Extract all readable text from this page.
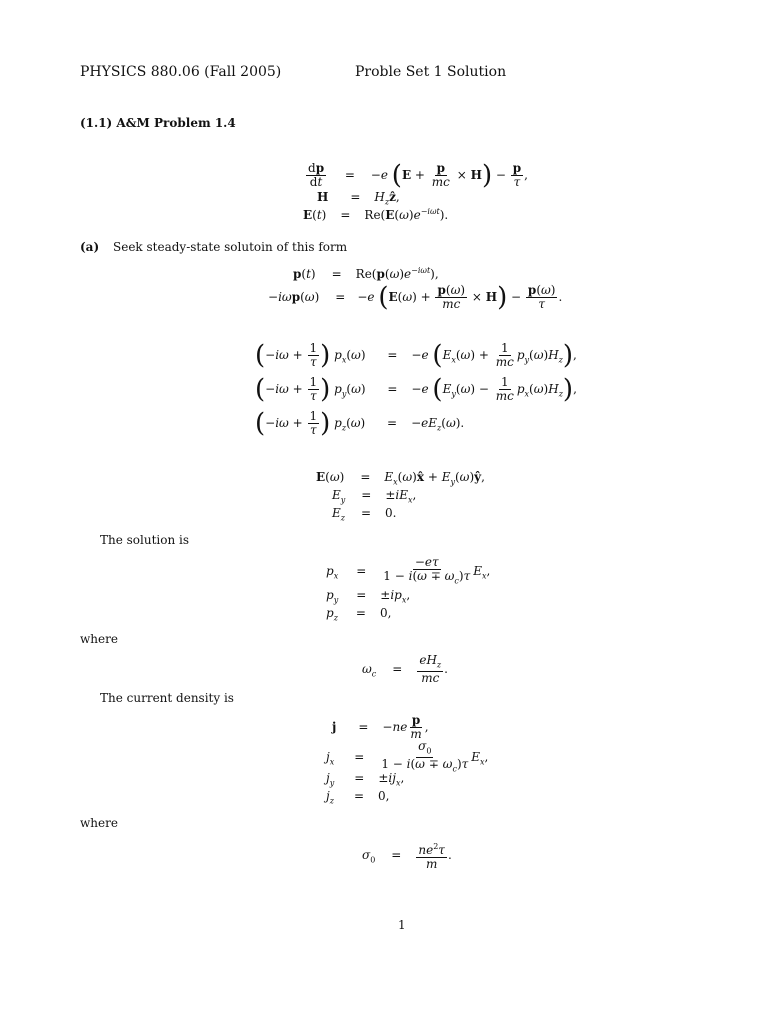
PHYSICS 880.06 (Fall 2005)	Proble Set 1 Solution
(1.1) A&M Problem 1.4
$\frac{dp}{dt} = -e$ $(E + \frac{p}{mc} \times H) - \frac{p}{\tau}$ ,
$H = H_zẑ$,
$E(t) = Re(E(\omega)e^{-i\omega t})$.
(a) Seek steady-state solutoin of this form
$p(t) = Re(p(\omega)e^{-i\omega t})$,
−iωp(ω) = −e $(E(\omega) + \frac{p(\omega)}{mc} \times H) - \frac{p(\omega)}{\tau}$ .
($-i\omega + \frac{1}{\tau}$ ) $p_x(\omega) = -e$ $(E_x(\omega) + \frac{1}{mc} p_y(\omega)H_z)$,
($-i\omega + \frac{1}{\tau}$ ) $p_y(\omega) = -e$ $(E_y(\omega) - \frac{1}{mc} p_x(\omega)H_z)$,
($-i\omega + \frac{1}{\tau}$ ) $p_z(\omega) = -eE_z(\omega)$.
$E(\omega) = E_x(\omega)x̂$ + $E_y(\omega)ŷ$,
$E_y = \pm iE_x$,
$E_z = 0$.
The solution is
$p_x = \frac{-e\tau}{1 - i(\omega \mp \omega_c)\tau} E_x$,
$p_y = \pm ip_x$,
$p_z = 0$,
where
$\omega_c = \frac{eH_z}{mc}$ .
The current density is
$j = -ne \frac{p}{m}$ ,
$j_x = \frac{\sigma_0}{1 - i(\omega \mp \omega_c)\tau} E_x$,
$j_y = \pm ij_x$,
$j_z = 0$,
where
$\sigma_0 = \frac{ne^2\tau}{m}$ .
1
